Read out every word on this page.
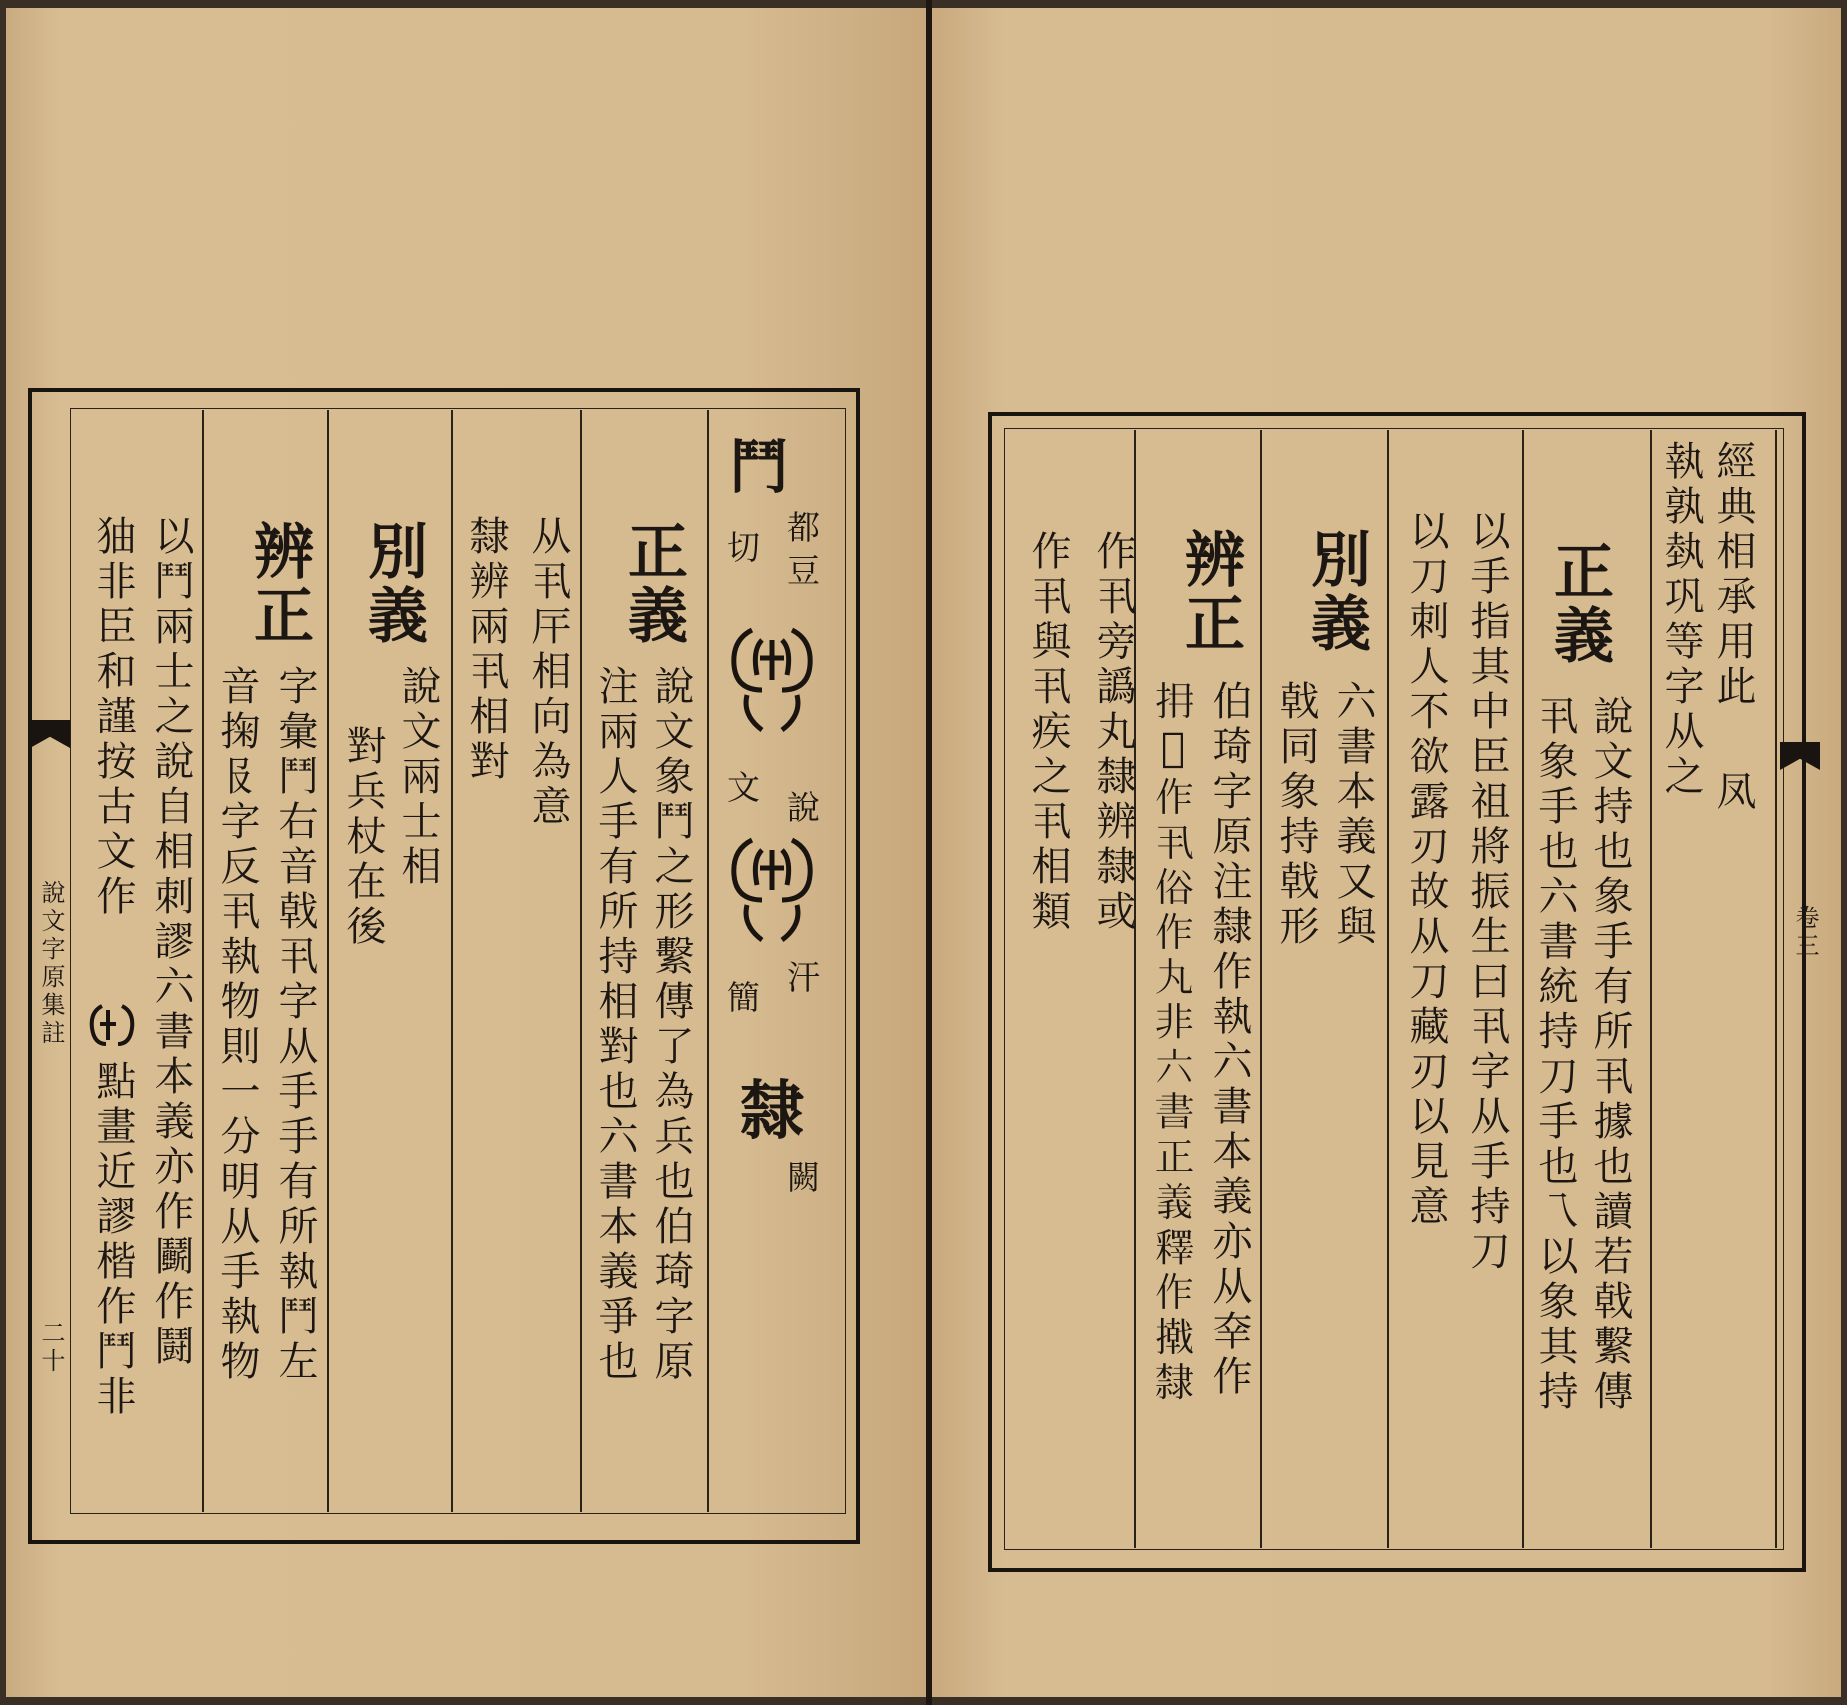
鬥
都豆
切
說
文
汗
簡
隸
闕
正義
說文象鬥之形繫傳了為兵也伯琦字原
注兩人手有所持相對也六書本義爭也
从丮厈相向為意
隸辨兩丮相對
別義
說文兩士相
對兵杖在後
辨正
字彙鬥右音戟丮字从手手有所執鬥左
音掬𠬝字反丮執物則一分明从手執物
以鬥兩士之說自相刺謬六書本義亦作鬬作鬪
㹨非臣和謹按古文作
點畫近謬楷作鬥非
說文字原集註
二十
經典相承用此
凤
執孰埶巩等字从之
正義
說文持也象手有所丮據也讀若戟繫傳
以手指其中臣祖將振生曰丮字从手持刀 丮象手也六書統持刀手也乁以象其持
以刀刺人不欲露刃故从刀藏刃以見意
別義
六書本義又與
戟同象持戟形
辨正
伯琦字原注隸作執六書本義亦从㚔作
𢪈𨜉作丮俗作丸非六書正義釋作撠隸
作丮旁譌丸隸辨隸或
作丮與丮疾之丮相類	卷三
